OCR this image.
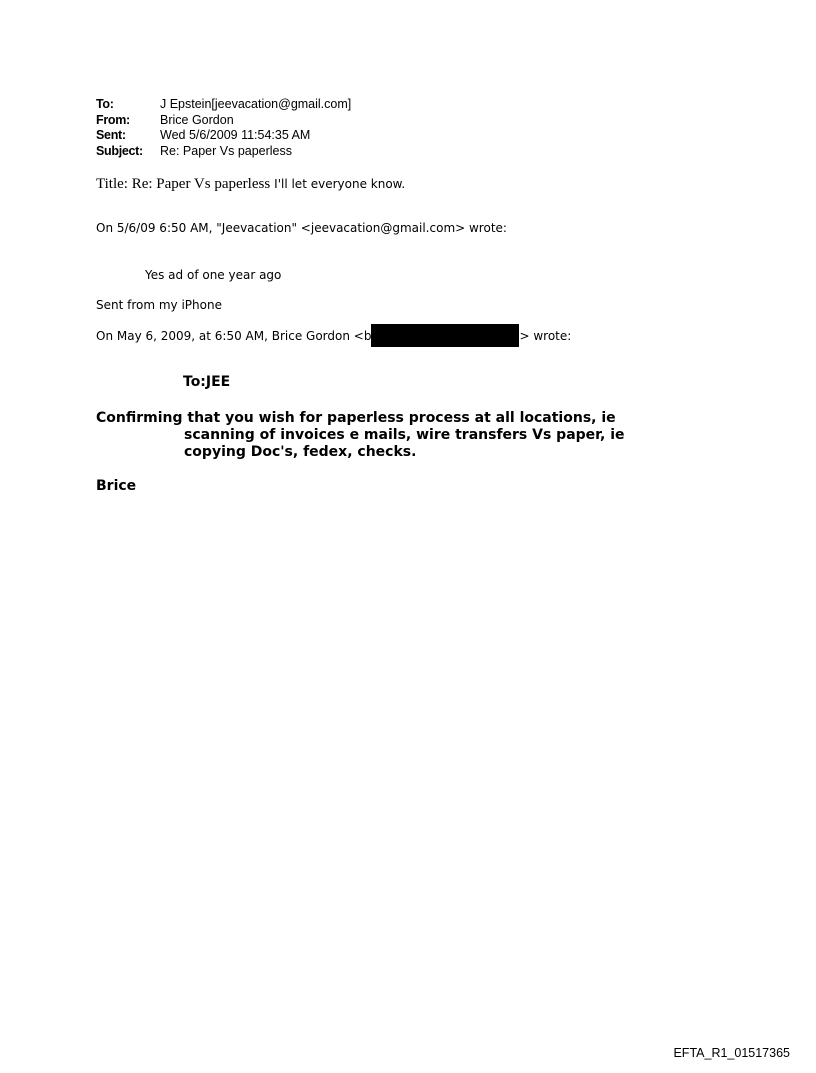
To:	J Epstein[jeevacation@gmail.com]
From:	Brice Gordon
Sent:	Wed 5/6/2009 11:54:35 AM
Subject:	Re: Paper Vs paperless
Title: Re: Paper Vs paperless I'll let everyone know.
On 5/6/09 6:50 AM, "Jeevacation" <jeevacation@gmail.com> wrote:
Yes ad of one year ago
Sent from my iPhone
On May 6, 2009, at 6:50 AM, Brice Gordon <b	> wrote:
To:JEE
Confirming that you wish for paperless process at all locations, ie
scanning of invoices e mails, wire transfers Vs paper, ie
copying Doc's, fedex, checks.
Brice
EFTA_R1_01517365
